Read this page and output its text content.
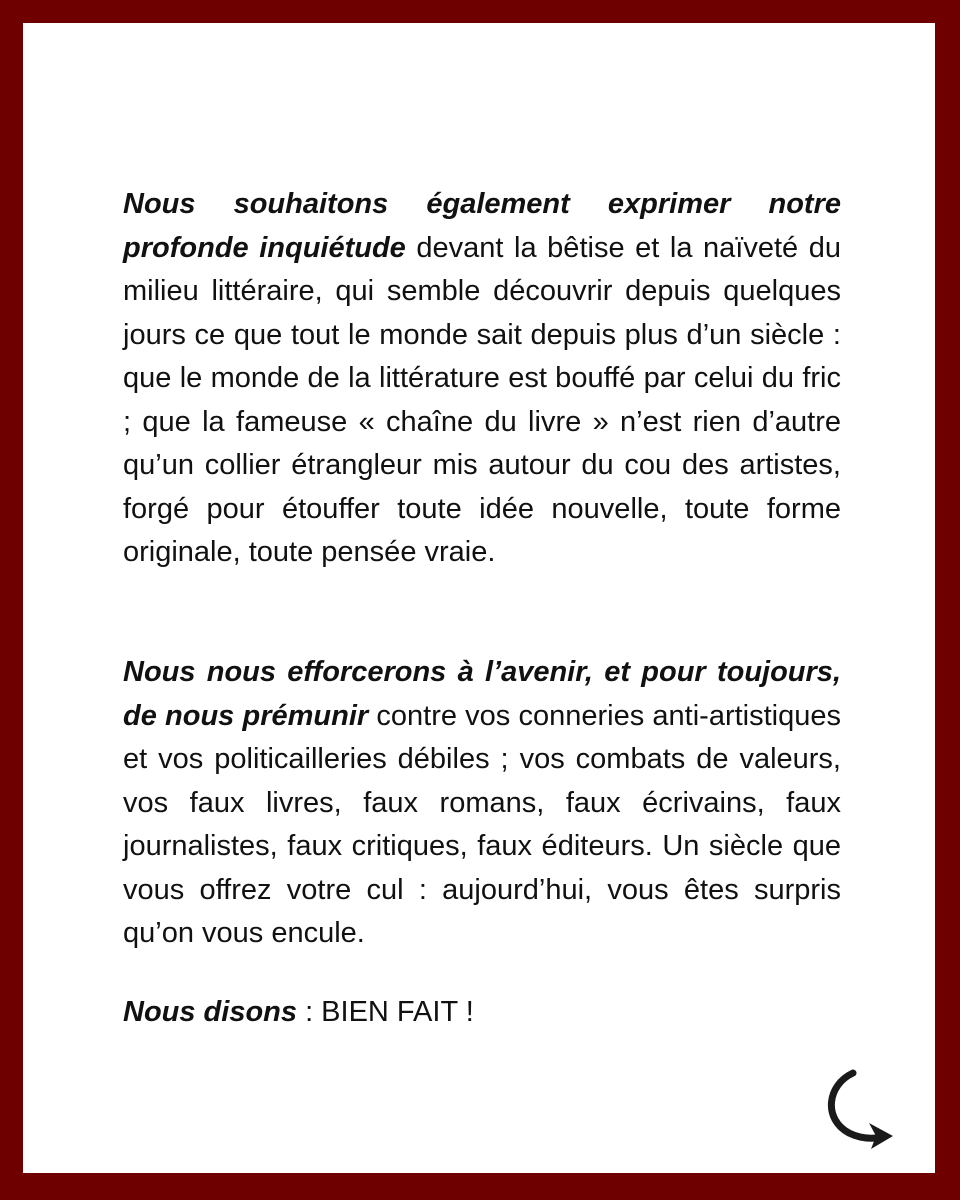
Nous souhaitons également exprimer notre profonde inquiétude devant la bêtise et la naïveté du milieu littéraire, qui semble découvrir depuis quelques jours ce que tout le monde sait depuis plus d’un siècle : que le monde de la littérature est bouffé par celui du fric ; que la fameuse « chaîne du livre » n’est rien d’autre qu’un collier étrangleur mis autour du cou des artistes, forgé pour étouffer toute idée nouvelle, toute forme originale, toute pensée vraie.

Nous nous efforcerons à l’avenir, et pour toujours, de nous prémunir contre vos conneries anti-artistiques et vos politicailleries débiles ; vos combats de valeurs, vos faux livres, faux romans, faux écrivains, faux journalistes, faux critiques, faux éditeurs. Un siècle que vous offrez votre cul : aujourd’hui, vous êtes surpris qu’on vous encule.

Nous disons : BIEN FAIT !
